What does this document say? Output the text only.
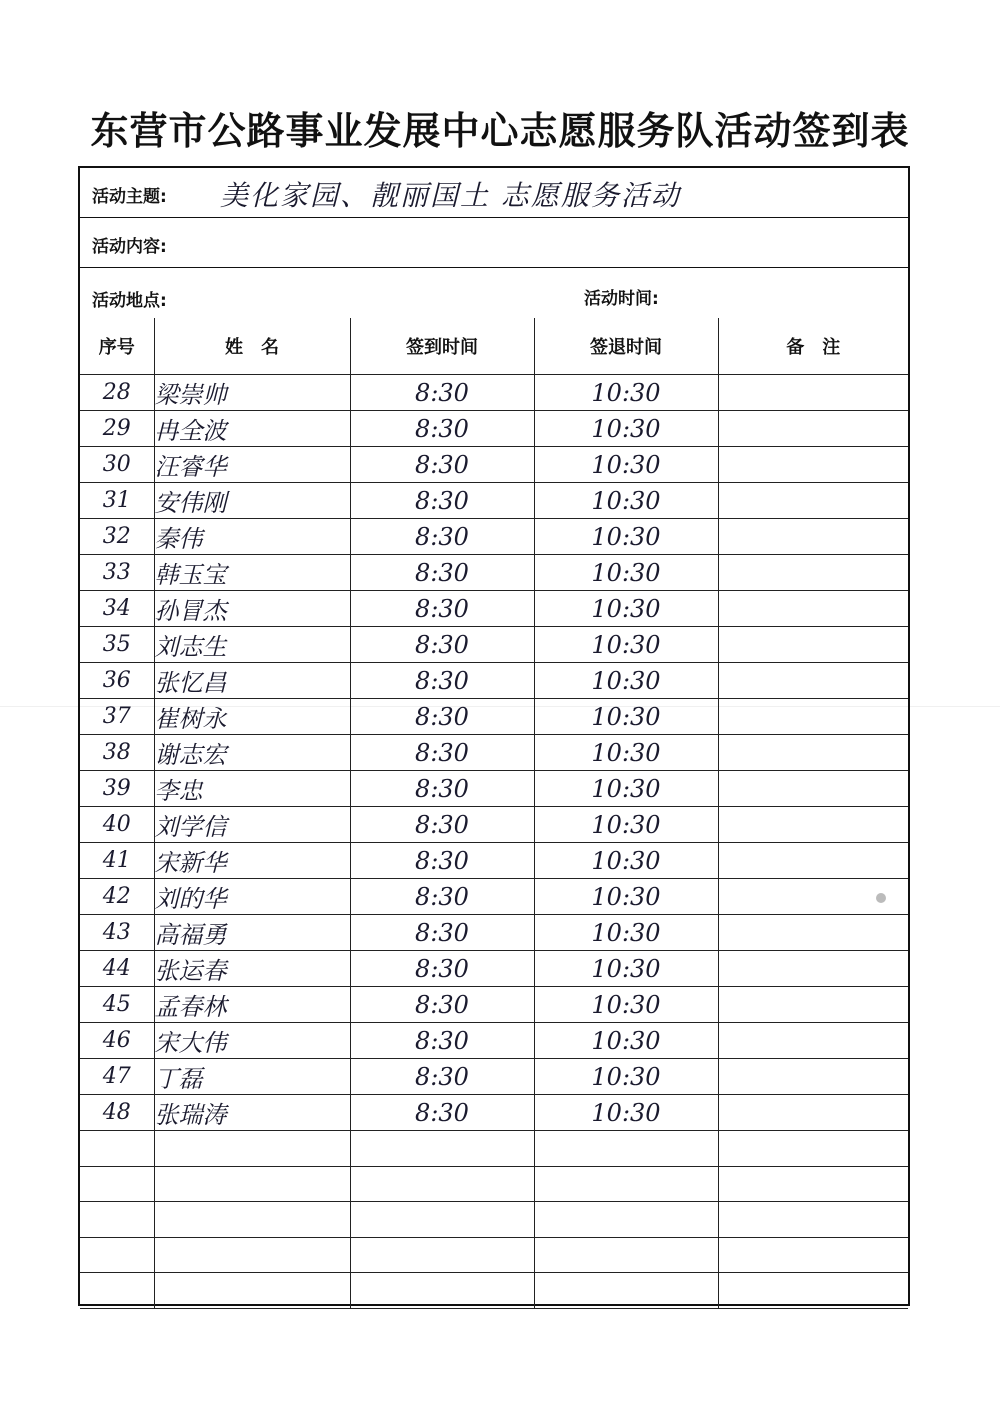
东营市公路事业发展中心志愿服务队活动签到表
活动主题: 美化家园、靓丽国土 志愿服务活动
活动内容:
活动地点:	活动时间:
序号	姓　名	签到时间	签退时间	备　注
28	梁崇帅	8:30	10:30	
29	冉全波	8:30	10:30	
30	汪睿华	8:30	10:30	
31	安伟刚	8:30	10:30	
32	秦伟	8:30	10:30	
33	韩玉宝	8:30	10:30	
34	孙冒杰	8:30	10:30	
35	刘志生	8:30	10:30	
36	张忆昌	8:30	10:30	
37	崔树永	8:30	10:30	
38	谢志宏	8:30	10:30	
39	李忠	8:30	10:30	
40	刘学信	8:30	10:30	
41	宋新华	8:30	10:30	
42	刘的华	8:30	10:30	
43	高福勇	8:30	10:30	
44	张运春	8:30	10:30	
45	孟春林	8:30	10:30	
46	宋大伟	8:30	10:30	
47	丁磊	8:30	10:30	
48	张瑞涛	8:30	10:30	
